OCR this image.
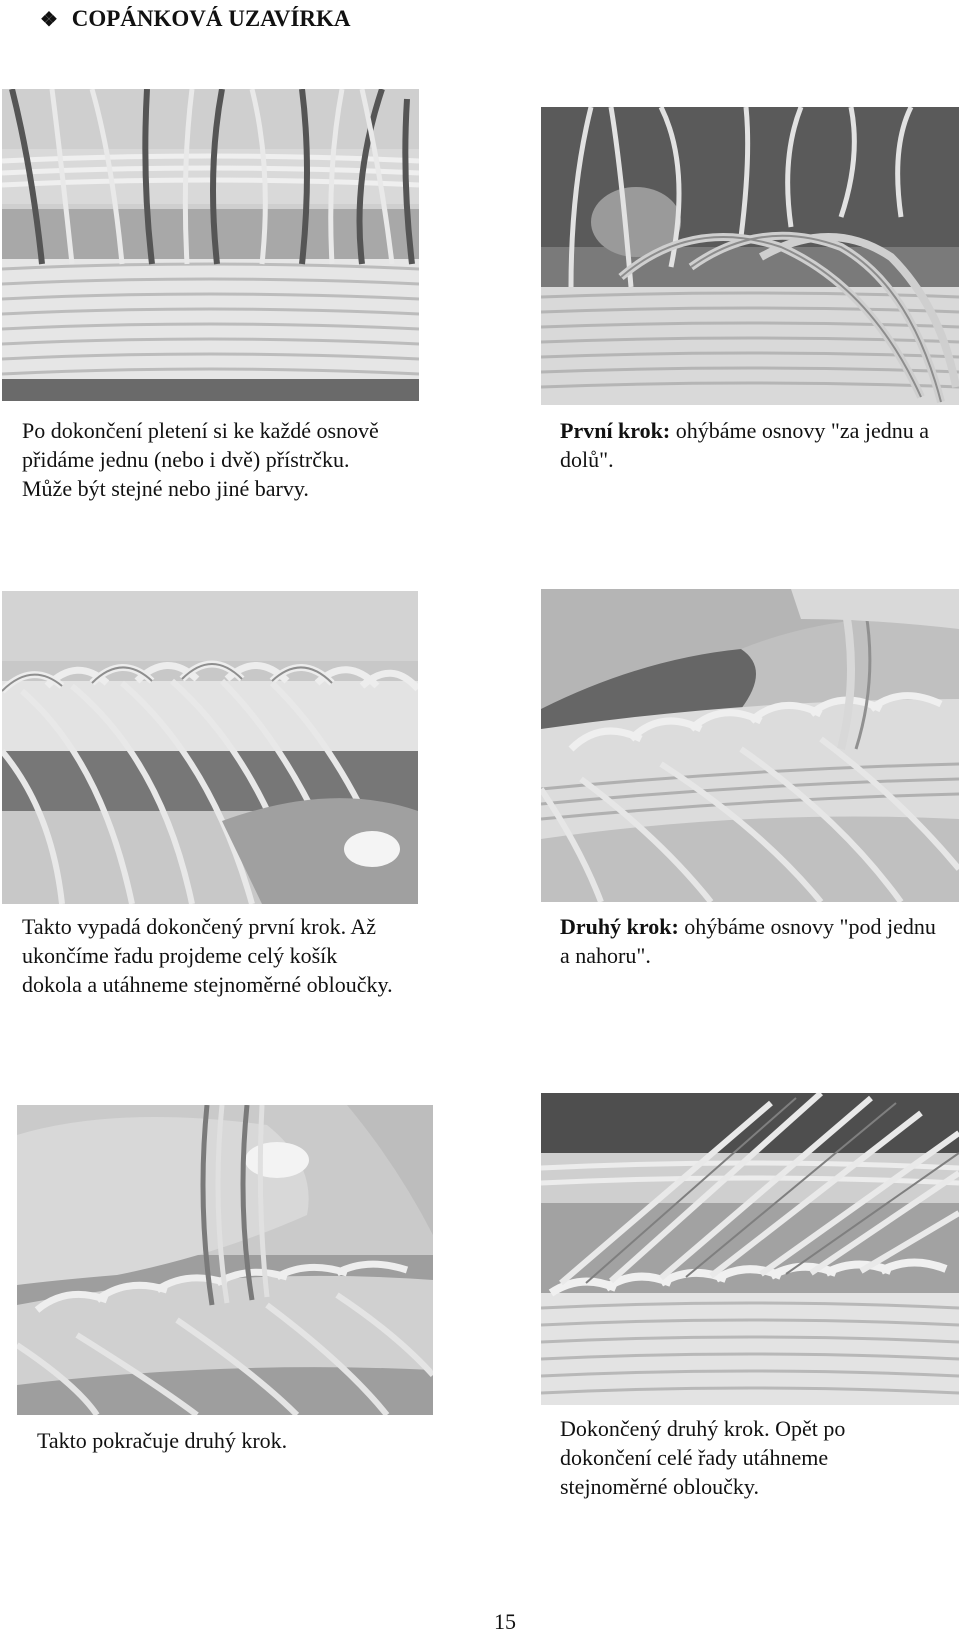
❖ COPÁNKOVÁ UZAVÍRKA
Po dokončení pletení si ke každé osnově přidáme jednu (nebo i dvě) přístrčku. Může být stejné nebo jiné barvy.
První krok: ohýbáme osnovy "za jednu a dolů".
Takto vypadá dokončený první krok. Až ukončíme řadu projdeme celý košík dokola a utáhneme stejnoměrné obloučky.
Druhý krok: ohýbáme osnovy "pod jednu a nahoru".
Takto pokračuje druhý krok.	Dokončený druhý krok. Opět po dokončení celé řady utáhneme stejnoměrné obloučky.
15
